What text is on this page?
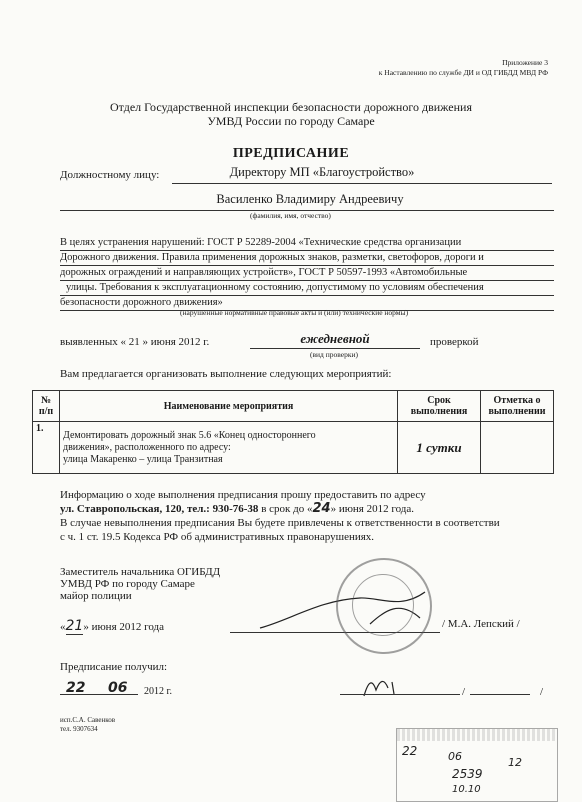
Приложение 3
к Наставлению по службе ДИ и ОД ГИБДД МВД РФ
Отдел Государственной инспекции безопасности дорожного движения
УМВД России по городу Самаре
ПРЕДПИСАНИЕ
Должностному лицу:	Директору МП «Благоустройство»
Василенко Владимиру Андреевичу
(фамилия, имя, отчество)
В целях устранения нарушений: ГОСТ Р 52289-2004 «Технические средства организации
Дорожного движения. Правила применения дорожных знаков, разметки, светофоров, дороги и
дорожных ограждений и направляющих устройств», ГОСТ Р 50597-1993 «Автомобильные
улицы. Требования к эксплуатационному состоянию, допустимому по условиям обеспечения
безопасности дорожного движения»
(нарушенные нормативные правовые акты и (или) технические нормы)
выявленных « 21 » июня 2012 г.	ежедневной
(вид проверки)
проверкой
Вам предлагается организовать выполнение следующих мероприятий:
№ п/п	Наименование мероприятия	Срок выполнения	Отметка о выполнении
1.	Демонтировать дорожный знак 5.6 «Конец одностороннего
движения», расположенного по адресу:
улица Макаренко – улица Транзитная	1 сутки	
Информацию о ходе выполнения предписания прошу предоставить по адресу
ул. Ставропольская, 120, тел.: 930-76-38 в срок до «24» июня 2012 года.
В случае невыполнения предписания Вы будете привлечены к ответственности в соответстви
с ч. 1 ст. 19.5 Кодекса РФ об административных правонарушениях.
Заместитель начальника ОГИБДД
УМВД РФ по городу Самаре
майор полиции
«21» июня 2012 года	/ М.А. Лепский /
Предписание получил:
22 06 2012 г.	/	/
исп.С.А. Савенков
тел. 9307634
22	06	12
2539
10.10
